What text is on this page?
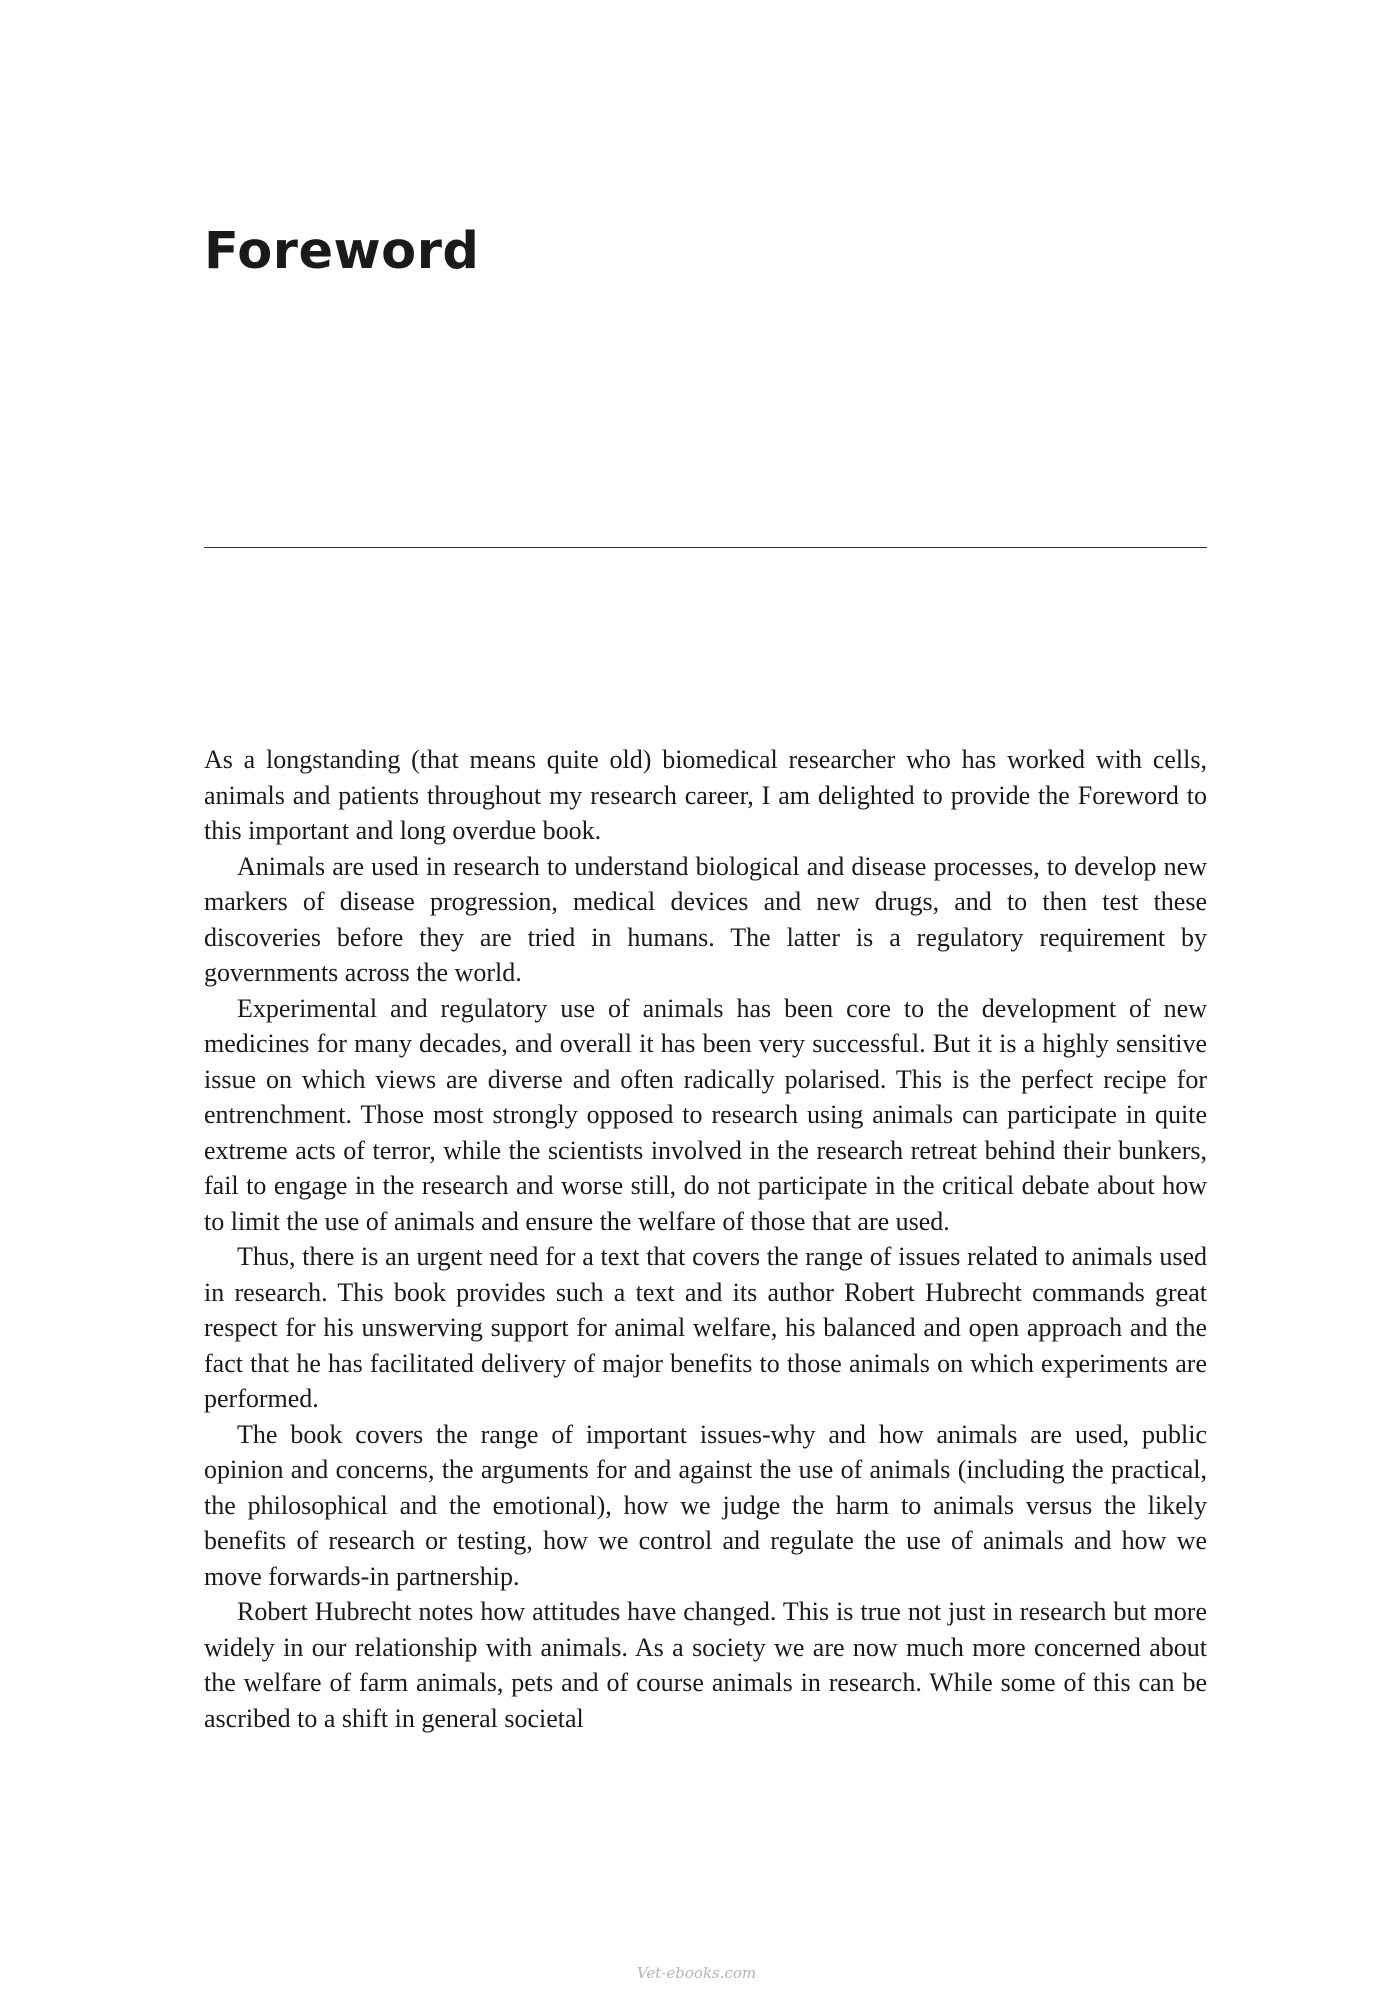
Foreword

As a longstanding (that means quite old) biomedical researcher who has worked with cells, animals and patients throughout my research career, I am delighted to provide the Foreword to this important and long overdue book.

Animals are used in research to understand biological and disease processes, to develop new markers of disease progression, medical devices and new drugs, and to then test these discoveries before they are tried in humans. The latter is a regulatory requirement by governments across the world.

Experimental and regulatory use of animals has been core to the development of new medicines for many decades, and overall it has been very successful. But it is a highly sensitive issue on which views are diverse and often radically polarised. This is the perfect recipe for entrenchment. Those most strongly opposed to research using animals can participate in quite extreme acts of terror, while the scientists involved in the research retreat behind their bunkers, fail to engage in the research and worse still, do not participate in the critical debate about how to limit the use of animals and ensure the welfare of those that are used.

Thus, there is an urgent need for a text that covers the range of issues related to animals used in research. This book provides such a text and its author Robert Hubrecht commands great respect for his unswerving support for animal welfare, his balanced and open approach and the fact that he has facilitated delivery of major benefits to those animals on which experiments are performed.

The book covers the range of important issues-why and how animals are used, public opinion and concerns, the arguments for and against the use of animals (including the practical, the philosophical and the emotional), how we judge the harm to animals versus the likely benefits of research or testing, how we control and regulate the use of animals and how we move forwards-in partnership.

Robert Hubrecht notes how attitudes have changed. This is true not just in research but more widely in our relationship with animals. As a society we are now much more concerned about the welfare of farm animals, pets and of course animals in research. While some of this can be ascribed to a shift in general societal

Vet-ebooks.com
